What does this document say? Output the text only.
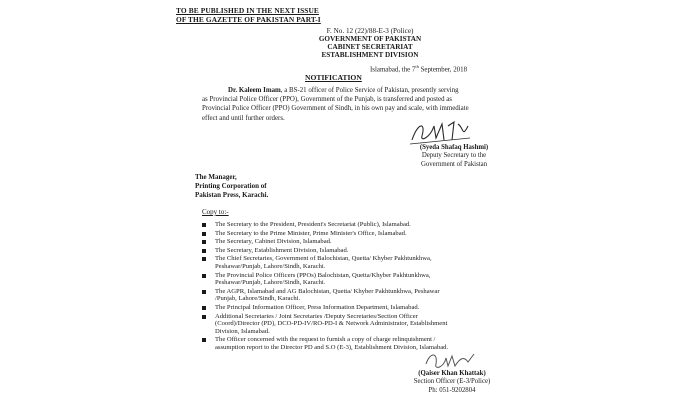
TO BE PUBLISHED IN THE NEXT ISSUE
OF THE GAZETTE OF PAKISTAN PART-I
F. No. 12 (22)/88-E-3 (Police)
GOVERNMENT OF PAKISTAN
CABINET SECRETARIAT
ESTABLISHMENT DIVISION
Islamabad, the 7th September, 2018
NOTIFICATION
Dr. Kaleem Imam, a BS-21 officer of Police Service of Pakistan, presently serving
as Provincial Police Officer (PPO), Government of the Punjab, is transferred and posted as
Provincial Police Officer (PPO) Government of Sindh, in his own pay and scale, with immediate
effect and until further orders.
(Syeda Shafaq Hashmi)
Deputy Secretary to the
Government of Pakistan
The Manager,
Printing Corporation of
Pakistan Press, Karachi.
Copy to:-
The Secretary to the President, President's Secretariat (Public), Islamabad.
The Secretary to the Prime Minister, Prime Minister's Office, Islamabad.
The Secretary, Cabinet Division, Islamabad.
The Secretary, Establishment Division, Islamabad.
The Chief Secretaries, Government of Balochistan, Quetta/ Khyber Pakhtunkhwa,
Peshawar/Punjab, Lahore/Sindh, Karachi.
The Provincial Police Officers (PPOs) Balochistan, Quetta/Khyber Pakhtunkhwa,
Peshawar/Punjab, Lahore/Sindh, Karachi.
The AGPR, Islamabad and AG Balochistan, Quetta/ Khyber Pakhtunkhwa, Peshawar
/Punjab, Lahore/Sindh, Karachi.
The Principal Information Officer, Press Information Department, Islamabad.
Additional Secretaries / Joint Secretaries /Deputy Secretaries/Section Officer
(Coord)/Director (PD), DCO-PD-IV/RO-PD-I & Network Administrator, Establishment
Division, Islamabad.
The Officer concerned with the request to furnish a copy of charge relinquishment /
assumption report to the Director PD and S.O (E-3), Establishment Division, Islamabad.
(Qaiser Khan Khattak)
Section Officer (E-3/Police)
Ph: 051-9202804
